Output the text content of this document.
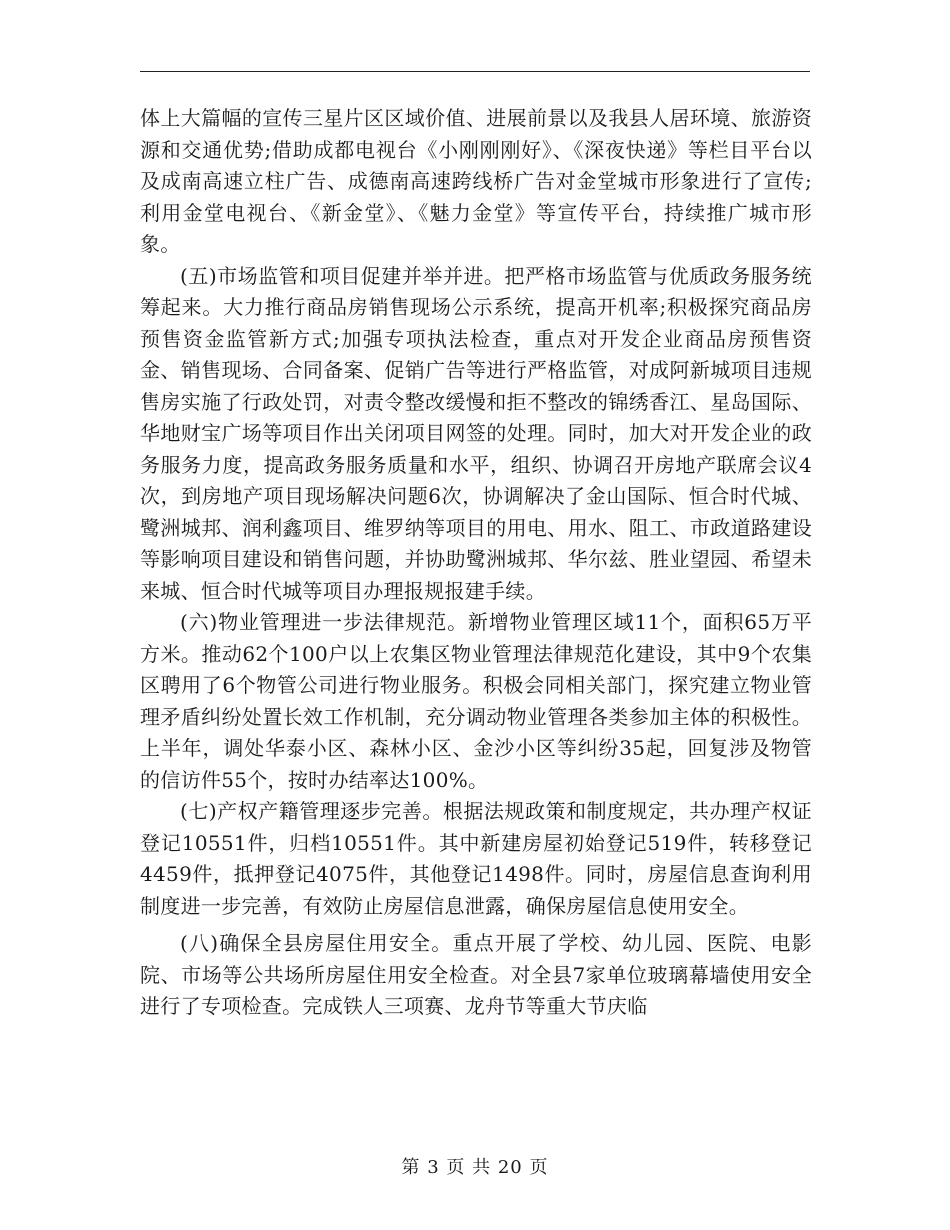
体上大篇幅的宣传三星片区区域价值、进展前景以及我县人居环境、旅游资源和交通优势;借助成都电视台《小刚刚刚好》、《深夜快递》等栏目平台以及成南高速立柱广告、成德南高速跨线桥广告对金堂城市形象进行了宣传;利用金堂电视台、《新金堂》、《魅力金堂》等宣传平台，持续推广城市形象。

(五)市场监管和项目促建并举并进。把严格市场监管与优质政务服务统筹起来。大力推行商品房销售现场公示系统，提高开机率;积极探究商品房预售资金监管新方式;加强专项执法检查，重点对开发企业商品房预售资金、销售现场、合同备案、促销广告等进行严格监管，对成阿新城项目违规售房实施了行政处罚，对责令整改缓慢和拒不整改的锦绣香江、星岛国际、华地财宝广场等项目作出关闭项目网签的处理。同时，加大对开发企业的政务服务力度，提高政务服务质量和水平，组织、协调召开房地产联席会议4次，到房地产项目现场解决问题6次，协调解决了金山国际、恒合时代城、鹭洲城邦、润利鑫项目、维罗纳等项目的用电、用水、阻工、市政道路建设等影响项目建设和销售问题，并协助鹭洲城邦、华尔兹、胜业望园、希望未来城、恒合时代城等项目办理报规报建手续。

(六)物业管理进一步法律规范。新增物业管理区域11个，面积65万平方米。推动62个100户以上农集区物业管理法律规范化建设，其中9个农集区聘用了6个物管公司进行物业服务。积极会同相关部门，探究建立物业管理矛盾纠纷处置长效工作机制，充分调动物业管理各类参加主体的积极性。上半年，调处华泰小区、森林小区、金沙小区等纠纷35起，回复涉及物管的信访件55个，按时办结率达100%。

(七)产权产籍管理逐步完善。根据法规政策和制度规定，共办理产权证登记10551件，归档10551件。其中新建房屋初始登记519件，转移登记4459件，抵押登记4075件，其他登记1498件。同时，房屋信息查询利用制度进一步完善，有效防止房屋信息泄露，确保房屋信息使用安全。

(八)确保全县房屋住用安全。重点开展了学校、幼儿园、医院、电影院、市场等公共场所房屋住用安全检查。对全县7家单位玻璃幕墙使用安全进行了专项检查。完成铁人三项赛、龙舟节等重大节庆临

第 3 页 共 20 页
